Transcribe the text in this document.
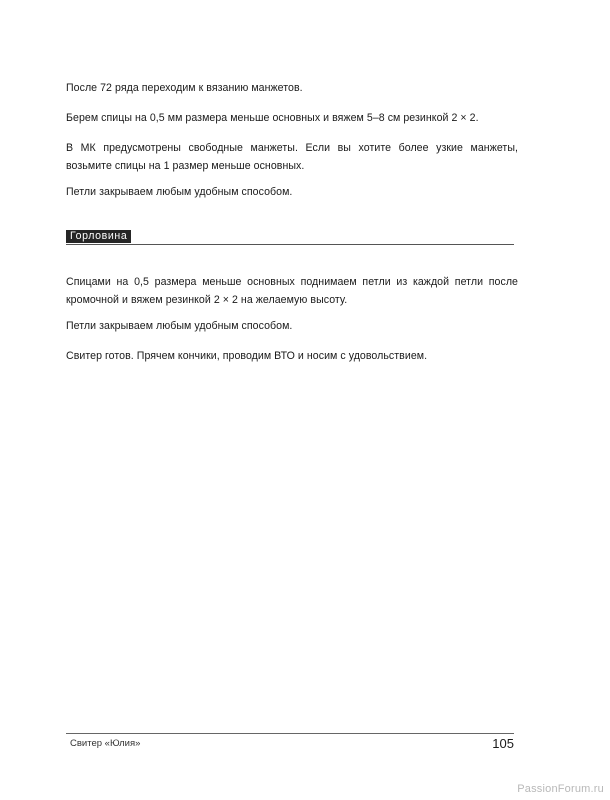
После 72 ряда переходим к вязанию манжетов.

Берем спицы на 0,5 мм размера меньше основных и вяжем 5–8 см резинкой 2 × 2.

В МК предусмотрены свободные манжеты. Если вы хотите более узкие манжеты, возьмите спицы на 1 размер меньше основных.

Петли закрываем любым удобным способом.

Горловина

Спицами на 0,5 размера меньше основных поднимаем петли из каждой петли после кромочной и вяжем резинкой 2 × 2 на желаемую высоту.

Петли закрываем любым удобным способом.

Свитер готов. Прячем кончики, проводим ВТО и носим с удовольствием.

Свитер «Юлия»	105
PassionForum.ru
